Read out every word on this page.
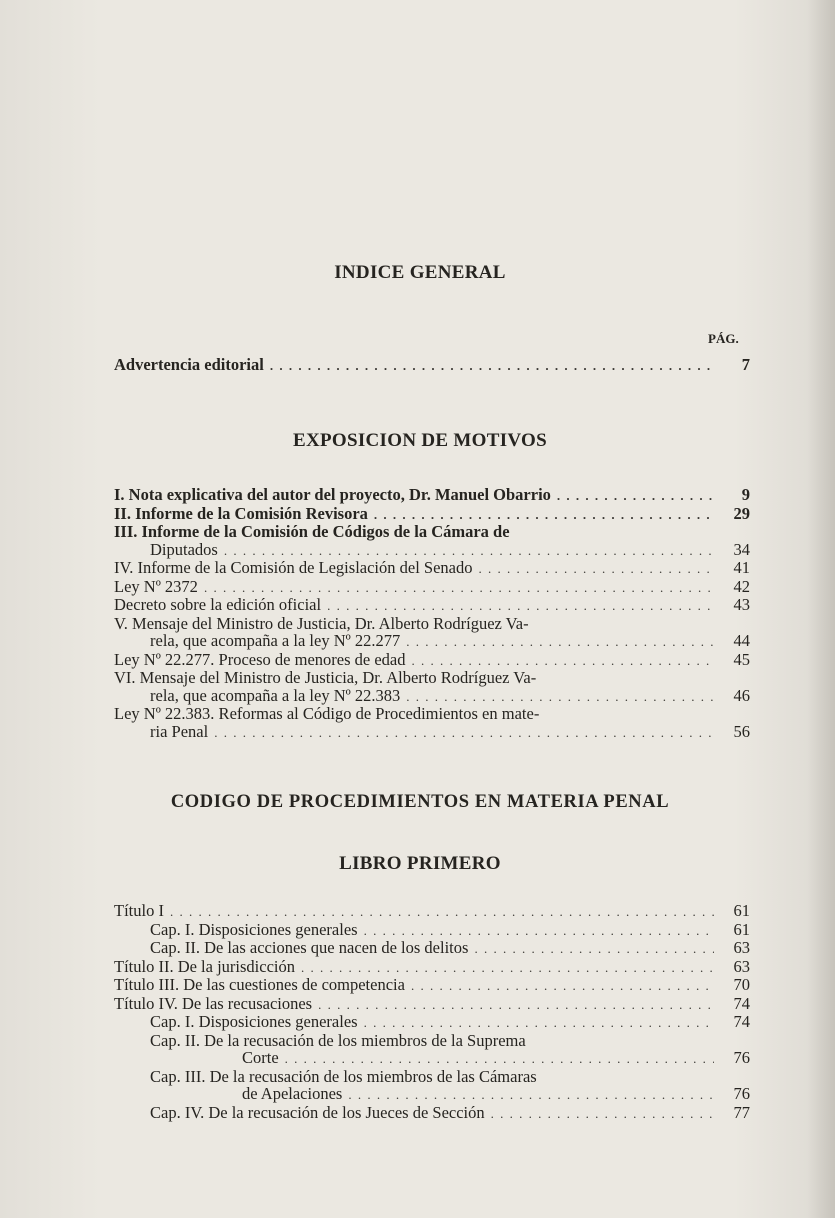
INDICE GENERAL
PÁG.
Advertencia editorial . . .	7
EXPOSICION DE MOTIVOS
I. Nota explicativa del autor del proyecto, Dr. Manuel Obarrio . . .	9
II. Informe de la Comisión Revisora . . .	29
III. Informe de la Comisión de Códigos de la Cámara de
Diputados . . .	34
IV. Informe de la Comisión de Legislación del Senado . . .	41
Ley Nº 2372 . . .	42
Decreto sobre la edición oficial . . .	43
V. Mensaje del Ministro de Justicia, Dr. Alberto Rodríguez Va-
rela, que acompaña a la ley Nº 22.277 . . .	44
Ley Nº 22.277. Proceso de menores de edad . . .	45
VI. Mensaje del Ministro de Justicia, Dr. Alberto Rodríguez Va-
rela, que acompaña a la ley Nº 22.383 . . .	46
Ley Nº 22.383. Reformas al Código de Procedimientos en mate-
ria Penal . . .	56
CODIGO DE PROCEDIMIENTOS EN MATERIA PENAL
LIBRO PRIMERO
Título I . . .	61
Cap. I. Disposiciones generales . . .	61
Cap. II. De las acciones que nacen de los delitos . . .	63
Título II. De la jurisdicción . . .	63
Título III. De las cuestiones de competencia . . .	70
Título IV. De las recusaciones . . .	74
Cap. I. Disposiciones generales . . .	74
Cap. II. De la recusación de los miembros de la Suprema
Corte . . .	76
Cap. III. De la recusación de los miembros de las Cámaras
de Apelaciones . . .	76
Cap. IV. De la recusación de los Jueces de Sección . . .	77
